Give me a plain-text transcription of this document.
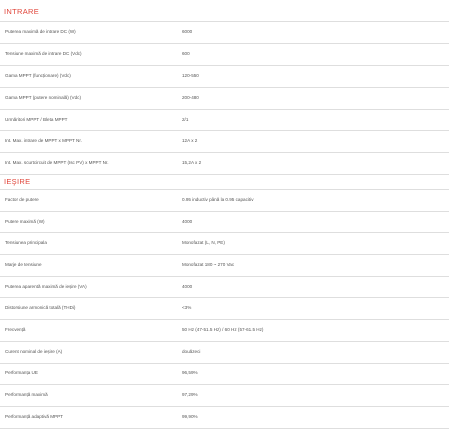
INTRARE
Puterea maximă de intrare DC (W)	6000
Tensiune maximă de intrare DC (Vdc)	600
Gama MPPT (funcționare) (Vdc)	120-550
Gama MPPT (putere nominală) (Vdc)	200-480
Urmăritori MPPT / Bleta MPPT	2/1
Int. Max. intrare de MPPT x MPPT Nr.	12A x 2
Int. Max. scurtcircuit de MPPT (Isc PV) x MPPT Nr.	15,2A x 2
IEŞIRE
Factor de putere	0.95 inductiv până la 0.95 capacitiv
Putere maximă (W)	4000
Tensiunea principala	Monofazat (L, N, PE)
Marje de tensiune	Monofazat 180 ~ 270 Vac
Puterea aparentă maximă de ieșire (VA)	4000
Distorsiune armonică totală (THDi)	<3%
Frecvență	50 Hz (47-51.5 Hz) / 60 Hz (57-61.5 Hz)
Curent nominal de ieșire (A)	douăzeci
Performanța UE	96,59%
Performanță maximă	97,29%
Performanță adaptivă MPPT	99,90%
